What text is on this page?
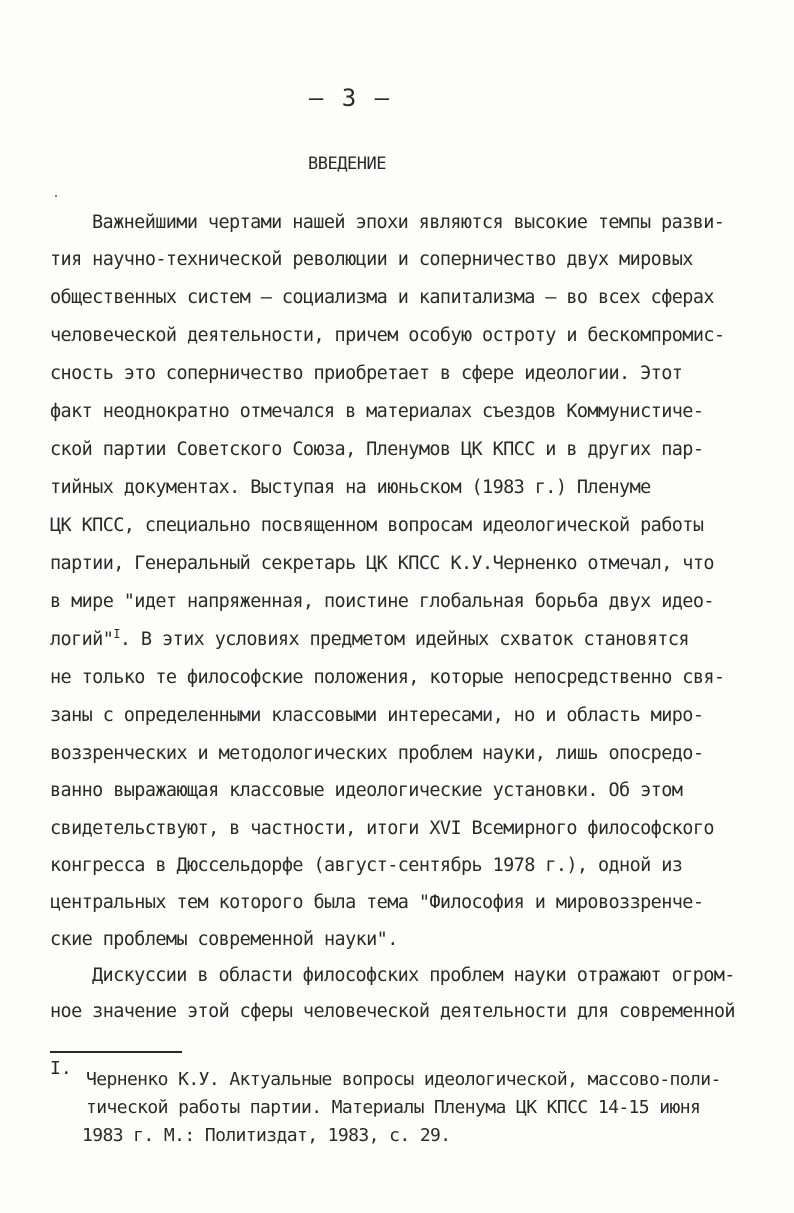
– 3 –
ВВЕДЕНИЕ
Важнейшими чертами нашей эпохи являются высокие темпы разви-
тия научно-технической революции и соперничество двух мировых
общественных систем – социализма и капитализма – во всех сферах
человеческой деятельности, причем особую остроту и бескомпромис-
сность это соперничество приобретает в сфере идеологии. Этот
факт неоднократно отмечался в материалах съездов Коммунистиче-
ской партии Советского Союза, Пленумов ЦК КПСС и в других пар-
тийных документах. Выступая на июньском (1983 г.) Пленуме
ЦК КПСС, специально посвященном вопросам идеологической работы
партии, Генеральный секретарь ЦК КПСС К.У.Черненко отмечал, что
в мире "идет напряженная, поистине глобальная борьба двух идео-
логий"$^I$. В этих условиях предметом идейных схваток становятся
не только те философские положения, которые непосредственно свя-
заны с определенными классовыми интересами, но и область миро-
воззренческих и методологических проблем науки, лишь опосредо-
ванно выражающая классовые идеологические установки. Об этом
свидетельствуют, в частности, итоги XVI Всемирного философского
конгресса в Дюссельдорфе (август-сентябрь 1978 г.), одной из
центральных тем которого была тема "Философия и мировоззренче-
ские проблемы современной науки".
Дискуссии в области философских проблем науки отражают огром-
ное значение этой сферы человеческой деятельности для современной
I.
Черненко К.У. Актуальные вопросы идеологической, массово-поли-
тической работы партии. Материалы Пленума ЦК КПСС 14-15 июня
1983 г. М.: Политиздат, 1983, с. 29.
